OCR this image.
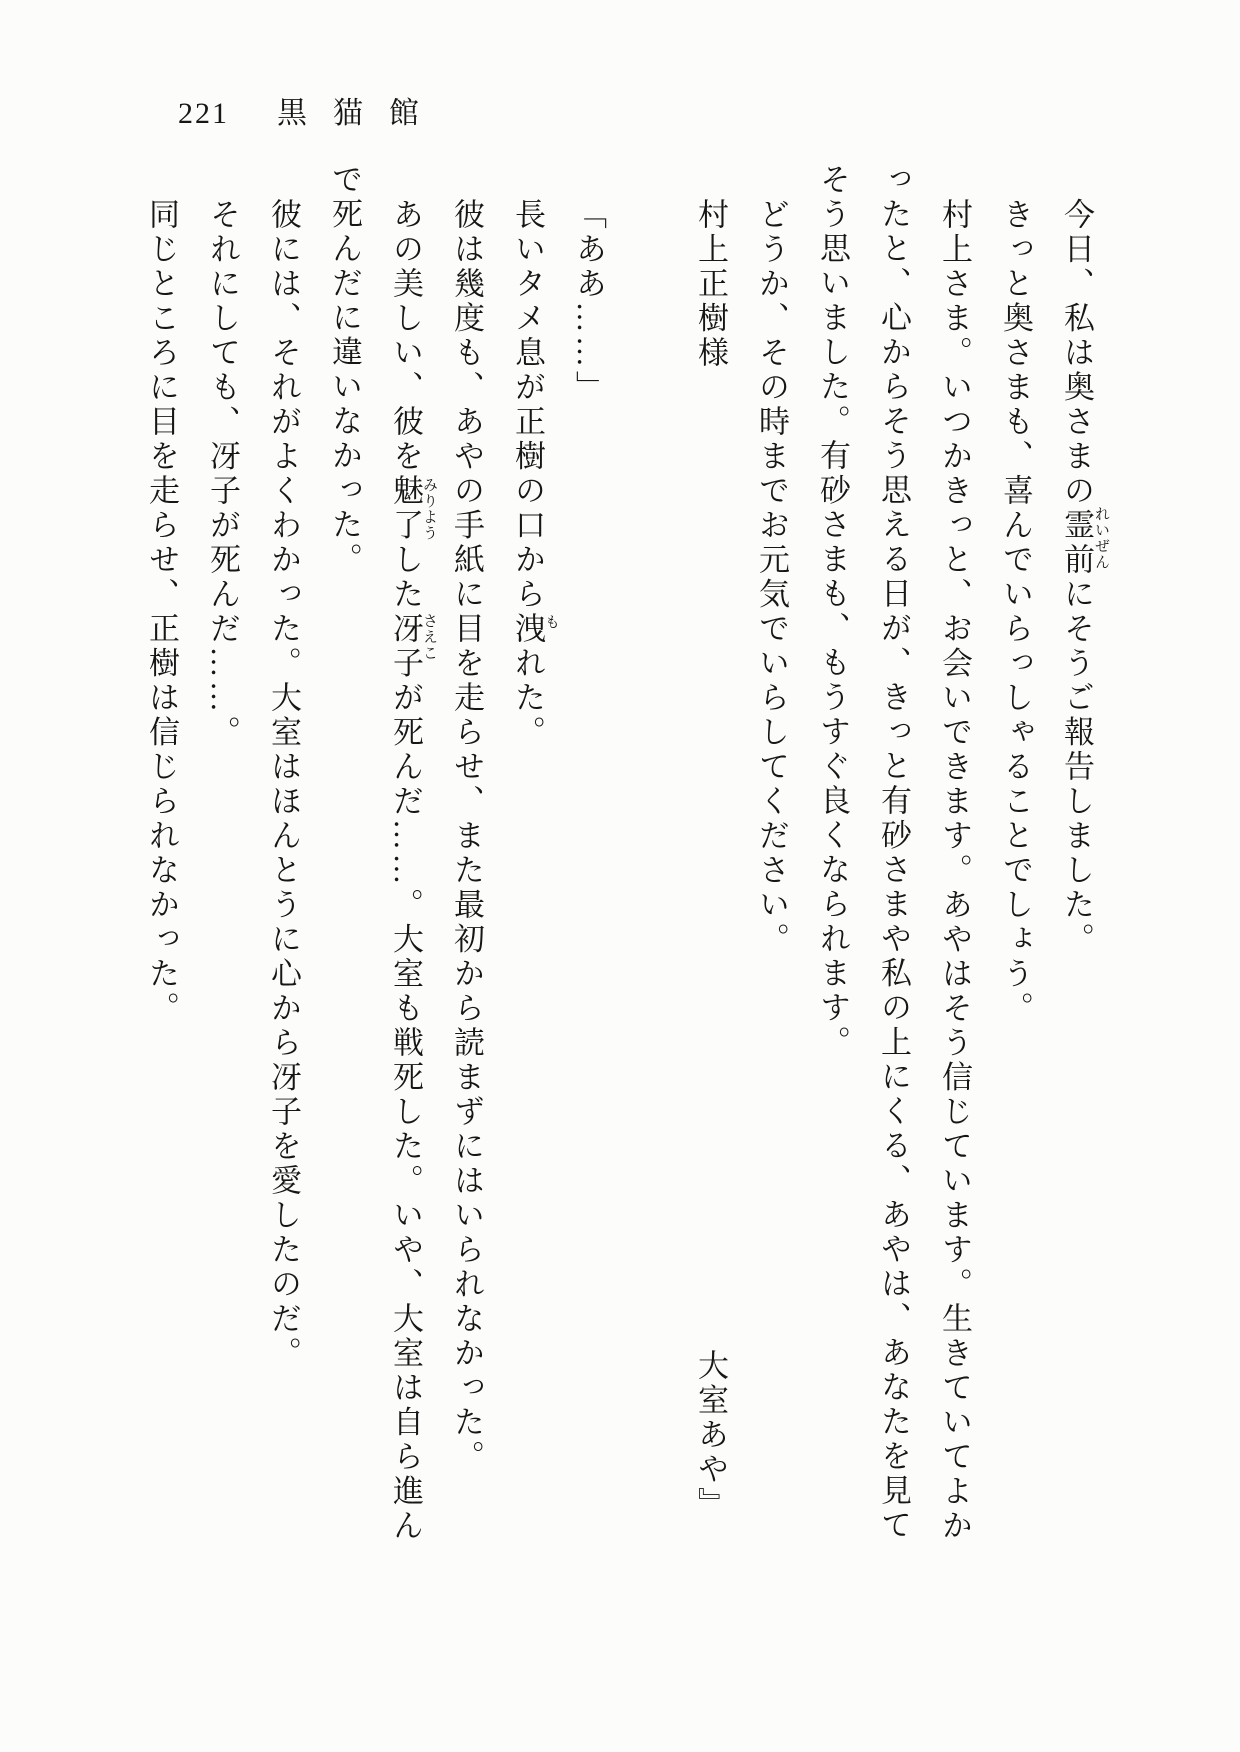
221 黒猫館
今日、私は奥さまの霊前にそうご報告しました。
きっと奥さまも、喜んでいらっしゃることでしょう。
村上さま。いつかきっと、お会いできます。あやはそう信じています。生きていてよか
ったと、心からそう思える日が、きっと有砂さまや私の上にくる、あやは、あなたを見て
そう思いました。有砂さまも、もうすぐ良くなられます。
どうか、その時までお元気でいらしてください。
村上正樹様
大室あや』

「ああ……」
長いタメ息が正樹の口から洩れた。
彼は幾度も、あやの手紙に目を走らせ、また最初から読まずにはいられなかった。
あの美しい、彼を魅了した冴子が死んだ……。大室も戦死した。いや、大室は自ら進ん
で死んだに違いなかった。
彼には、それがよくわかった。大室はほんとうに心から冴子を愛したのだ。
それにしても、冴子が死んだ……。
同じところに目を走らせ、正樹は信じられなかった。	れいぜん
も
みりよう
さえこ
